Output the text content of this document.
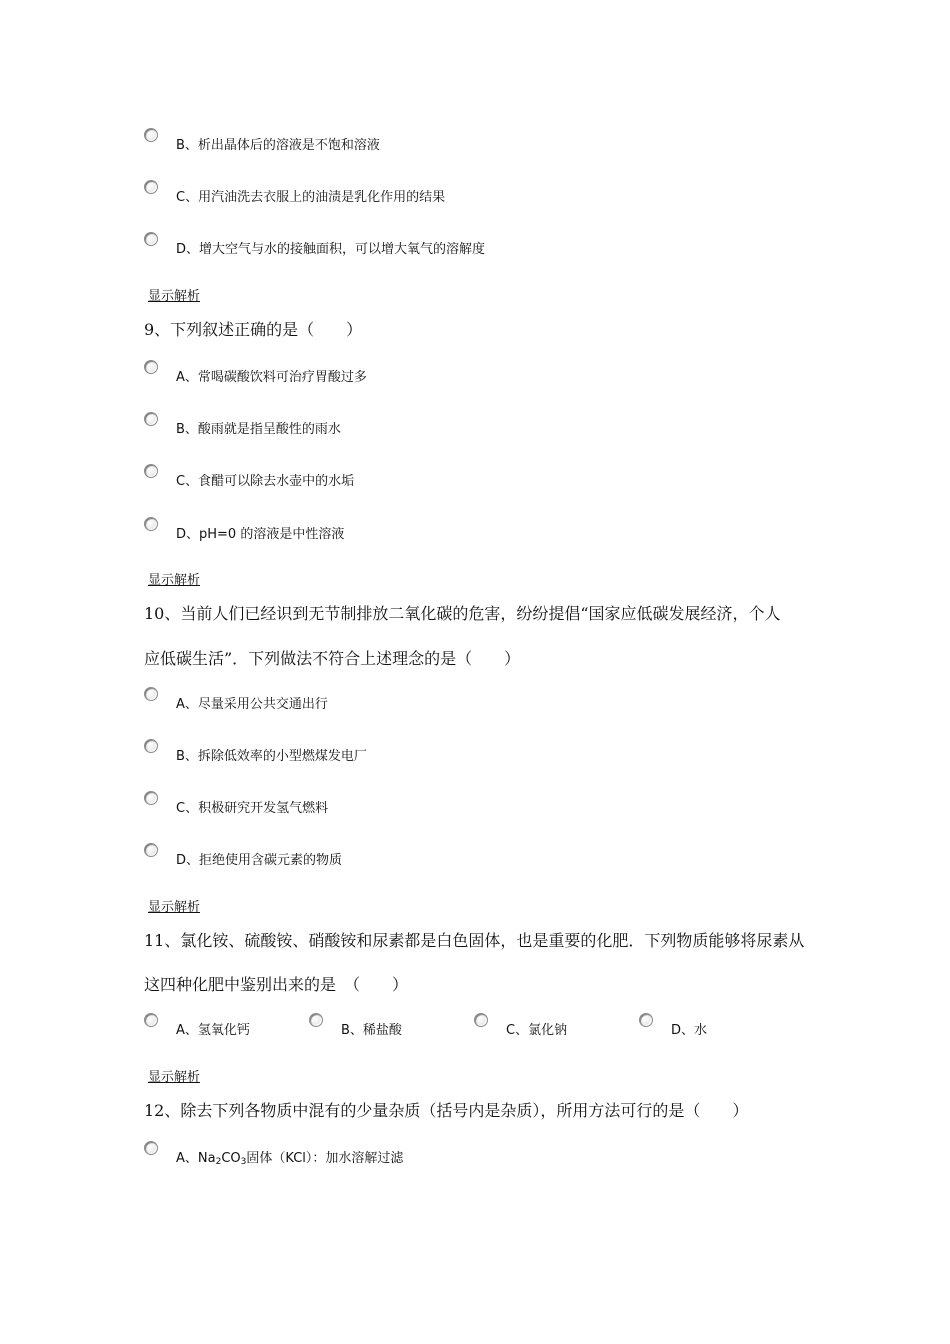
B、析出晶体后的溶液是不饱和溶液
C、用汽油洗去衣服上的油渍是乳化作用的结果
D、增大空气与水的接触面积，可以增大氧气的溶解度
显示解析
9、下列叙述正确的是（　　）
A、常喝碳酸饮料可治疗胃酸过多
B、酸雨就是指呈酸性的雨水
C、食醋可以除去水壶中的水垢
D、pH=0 的溶液是中性溶液
显示解析
10、当前人们已经识到无节制排放二氧化碳的危害，纷纷提倡“国家应低碳发展经济，个人
应低碳生活”．下列做法不符合上述理念的是（　　）
A、尽量采用公共交通出行
B、拆除低效率的小型燃煤发电厂
C、积极研究开发氢气燃料
D、拒绝使用含碳元素的物质
显示解析
11、氯化铵、硫酸铵、硝酸铵和尿素都是白色固体，也是重要的化肥．下列物质能够将尿素从
这四种化肥中鉴别出来的是　（　　）
A、氢氧化钙	B、稀盐酸	C、氯化钠	D、水
显示解析
12、除去下列各物质中混有的少量杂质（括号内是杂质），所用方法可行的是（　　）
A、$Na_2CO_3$固体（KCl）：加水溶解过滤
